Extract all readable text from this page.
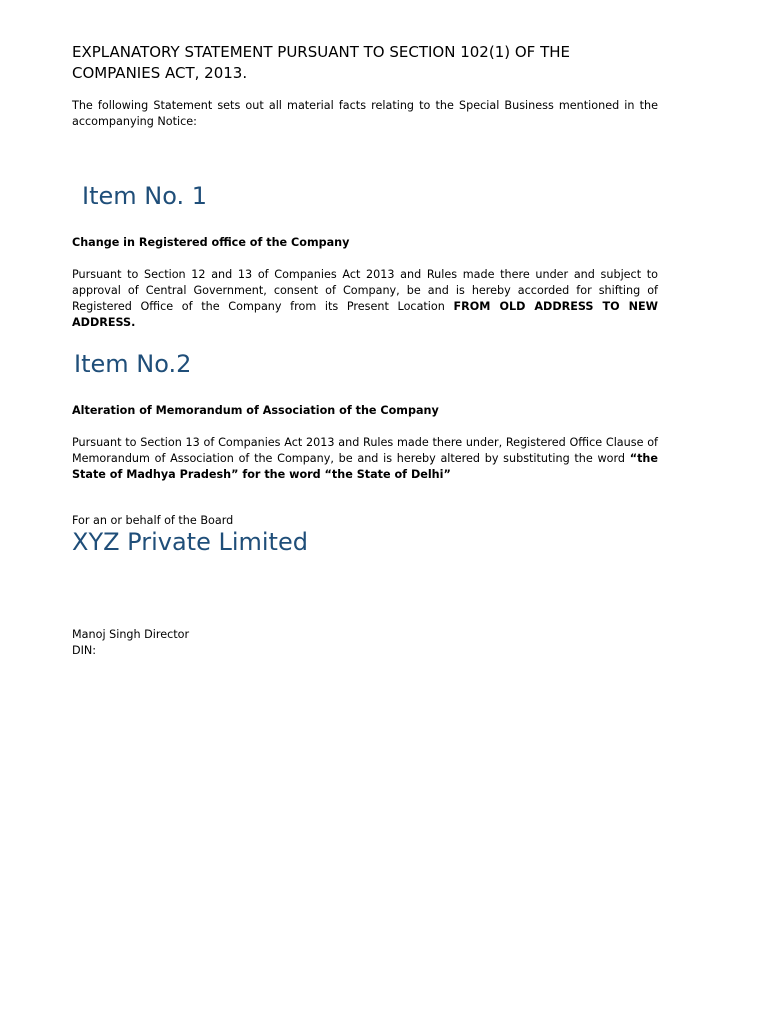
EXPLANATORY STATEMENT PURSUANT TO SECTION 102(1) OF THE COMPANIES ACT, 2013.

The following Statement sets out all material facts relating to the Special Business mentioned in the accompanying Notice:

Item No. 1

Change in Registered office of the Company

Pursuant to Section 12 and 13 of Companies Act 2013 and Rules made there under and subject to approval of Central Government, consent of Company, be and is hereby accorded for shifting of Registered Office of the Company from its Present Location FROM OLD ADDRESS TO NEW ADDRESS.

Item No.2

Alteration of Memorandum of Association of the Company

Pursuant to Section 13 of Companies Act 2013 and Rules made there under, Registered Office Clause of Memorandum of Association of the Company, be and is hereby altered by substituting the word “the State of Madhya Pradesh” for the word “the State of Delhi”

For an or behalf of the Board

XYZ Private Limited

Manoj Singh Director

DIN:
